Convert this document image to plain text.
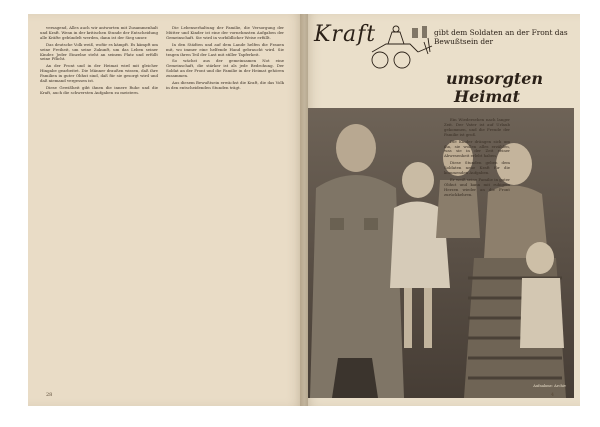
versagend, Alles auch wir antworten mit Zusammenhalt und Kraft. Wenn in der kritischen Stunde der Entscheidung alle Kräfte gebündelt werden, dann ist der Sieg unser.

Das deutsche Volk weiß, wofür es kämpft. Es kämpft um seine Freiheit, um seine Zukunft, um das Leben seiner Kinder. Jeder Einzelne steht an seinem Platz und erfüllt seine Pflicht.

An der Front und in der Heimat wird mit gleicher Hingabe gearbeitet. Die Männer draußen wissen, daß ihre Familien in guter Obhut sind, daß für sie gesorgt wird und daß niemand vergessen ist.

Diese Gewißheit gibt ihnen die innere Ruhe und die Kraft, auch die schwersten Aufgaben zu meistern.

Die Lebenserhaltung der Familie, die Versorgung der Mütter und Kinder ist eine der vornehmsten Aufgaben der Gemeinschaft. Sie wird in vorbildlicher Weise erfüllt.

In den Städten und auf dem Lande helfen die Frauen mit, wo immer eine helfende Hand gebraucht wird. Sie tragen ihren Teil der Last mit stiller Tapferkeit.

So wächst aus der gemeinsamen Not eine Gemeinschaft, die stärker ist als jede Bedrohung. Der Soldat an der Front und die Familie in der Heimat gehören zusammen.

Aus diesem Bewußtsein erwächst die Kraft, die das Volk in den entscheidenden Stunden trägt.

28
Kraft	gibt dem Soldaten an der Front das Bewußtsein der
umsorgten
Heimat
Aufnahme: Archiv

Ein Wiedersehen nach langer Zeit. Der Vater ist auf Urlaub gekommen, und die Freude der Familie ist groß.

Die Kinder drängen sich um ihn, sie wollen alles erzählen, was sie in der Zeit seiner Abwesenheit erlebt haben.

Diese Stunden geben dem Soldaten neue Kraft für die kommenden Aufgaben.

Er weiß seine Familie in guter Obhut und kann mit ruhigem Herzen wieder an die Front zurückkehren.

4
